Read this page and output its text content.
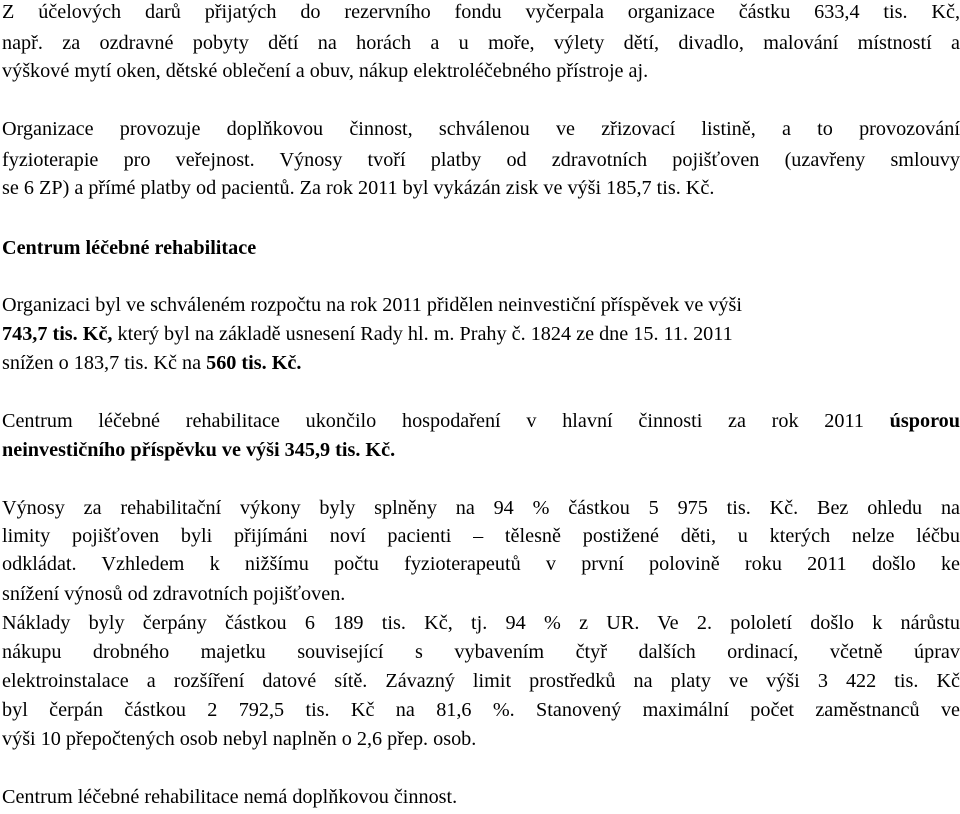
Z účelových darů přijatých do rezervního fondu vyčerpala organizace částku 633,4 tis. Kč,
např. za ozdravné pobyty dětí na horách a u moře, výlety dětí, divadlo, malování místností a
výškové mytí oken, dětské oblečení a obuv, nákup elektroléčebného přístroje aj.
Organizace provozuje doplňkovou činnost, schválenou ve zřizovací listině, a to provozování
fyzioterapie pro veřejnost. Výnosy tvoří platby od zdravotních pojišťoven (uzavřeny smlouvy
se 6 ZP) a přímé platby od pacientů. Za rok 2011 byl vykázán zisk ve výši 185,7 tis. Kč.
Centrum léčebné rehabilitace
Organizaci byl ve schváleném rozpočtu na rok 2011 přidělen neinvestiční příspěvek ve výši
743,7 tis. Kč, který byl na základě usnesení Rady hl. m. Prahy č. 1824 ze dne 15. 11. 2011
snížen o 183,7 tis. Kč na 560 tis. Kč.
Centrum léčebné rehabilitace ukončilo hospodaření v hlavní činnosti za rok 2011 úsporou
neinvestičního příspěvku ve výši 345,9 tis. Kč.
Výnosy za rehabilitační výkony byly splněny na 94 % částkou 5 975 tis. Kč. Bez ohledu na
limity pojišťoven byli přijímáni noví pacienti – tělesně postižené děti, u kterých nelze léčbu
odkládat. Vzhledem k nižšímu počtu fyzioterapeutů v první polovině roku 2011 došlo ke
snížení výnosů od zdravotních pojišťoven.
Náklady byly čerpány částkou 6 189 tis. Kč, tj. 94 % z UR. Ve 2. pololetí došlo k nárůstu
nákupu drobného majetku související s vybavením čtyř dalších ordinací, včetně úprav
elektroinstalace a rozšíření datové sítě. Závazný limit prostředků na platy ve výši 3 422 tis. Kč
byl čerpán částkou 2 792,5 tis. Kč na 81,6 %. Stanovený maximální počet zaměstnanců ve
výši 10 přepočtených osob nebyl naplněn o 2,6 přep. osob.
Centrum léčebné rehabilitace nemá doplňkovou činnost.
